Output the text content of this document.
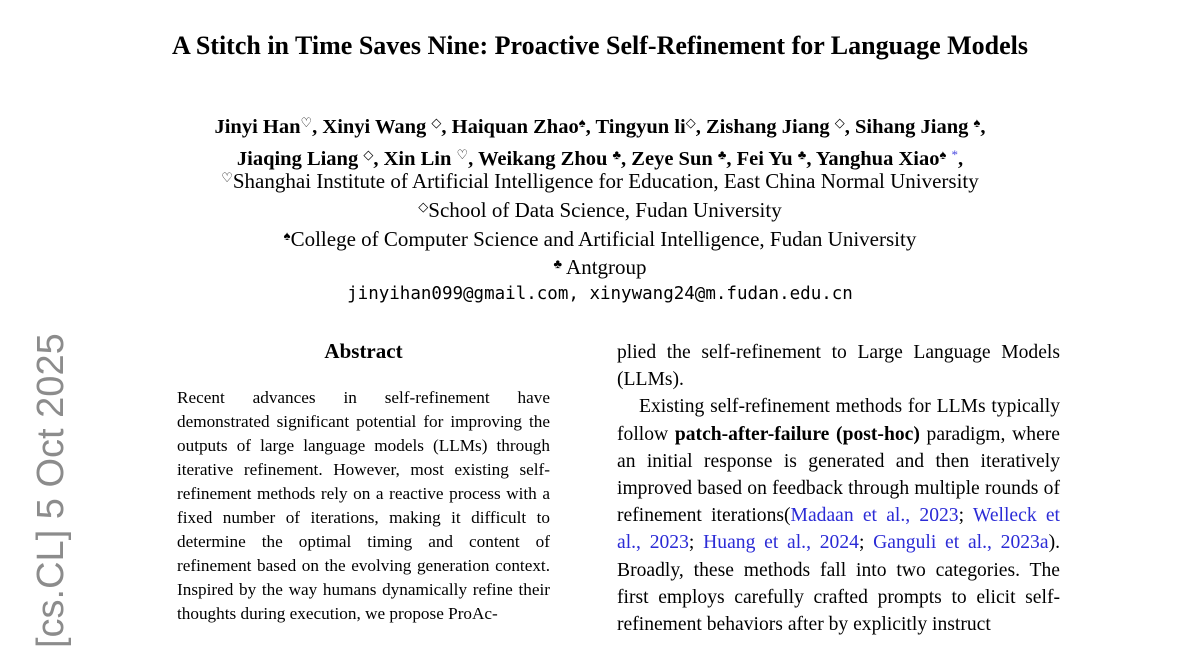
[cs.CL] 5 Oct 2025
A Stitch in Time Saves Nine: Proactive Self-Refinement for Language Models
Jinyi Han♡, Xinyi Wang ◇, Haiquan Zhao♠, Tingyun li◇, Zishang Jiang ◇, Sihang Jiang ♠,
Jiaqing Liang ◇, Xin Lin ♡, Weikang Zhou ♣, Zeye Sun ♣, Fei Yu ♣, Yanghua Xiao♠ *,
♡Shanghai Institute of Artificial Intelligence for Education, East China Normal University
◇School of Data Science, Fudan University
♠College of Computer Science and Artificial Intelligence, Fudan University
♣ Antgroup
jinyihan099@gmail.com, xinywang24@m.fudan.edu.cn
Abstract
Recent advances in self-refinement have demonstrated significant potential for improving the outputs of large language models (LLMs) through iterative refinement. However, most existing self-refinement methods rely on a reactive process with a fixed number of iterations, making it difficult to determine the optimal timing and content of refinement based on the evolving generation context. Inspired by the way humans dynamically refine their thoughts during execution, we propose ProAc-

plied the self-refinement to Large Language Models (LLMs).

Existing self-refinement methods for LLMs typically follow patch-after-failure (post-hoc) paradigm, where an initial response is generated and then iteratively improved based on feedback through multiple rounds of refinement iterations(Madaan et al., 2023; Welleck et al., 2023; Huang et al., 2024; Ganguli et al., 2023a). Broadly, these methods fall into two categories. The first employs carefully crafted prompts to elicit self-refinement behaviors after by explicitly instruct
